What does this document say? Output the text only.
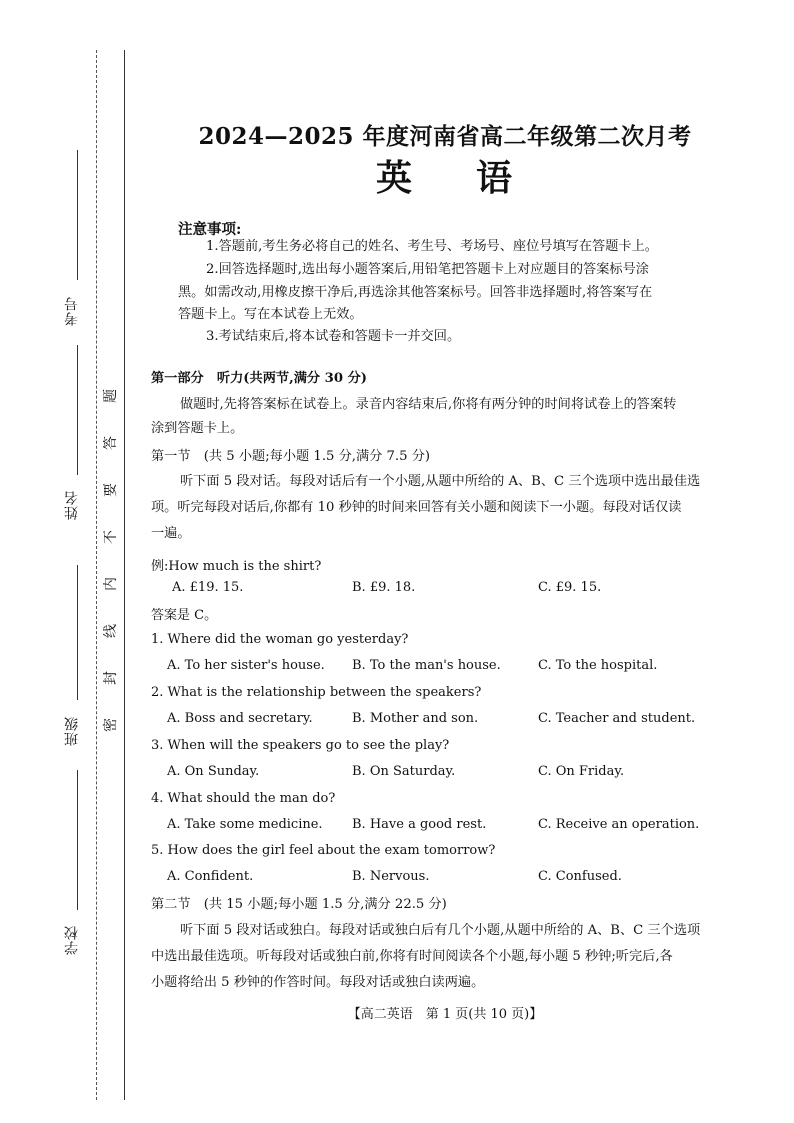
考号
姓名
班级
学校
题
答
要
不
内
线
封
密
2024—2025 年度河南省高二年级第二次月考
英 语
注意事项:
1.答题前,考生务必将自己的姓名、考生号、考场号、座位号填写在答题卡上。
2.回答选择题时,选出每小题答案后,用铅笔把答题卡上对应题目的答案标号涂
黑。如需改动,用橡皮擦干净后,再选涂其他答案标号。回答非选择题时,将答案写在
答题卡上。写在本试卷上无效。
3.考试结束后,将本试卷和答题卡一并交回。
第一部分　听力(共两节,满分 30 分)
做题时,先将答案标在试卷上。录音内容结束后,你将有两分钟的时间将试卷上的答案转
涂到答题卡上。
第一节　(共 5 小题;每小题 1.5 分,满分 7.5 分)
听下面 5 段对话。每段对话后有一个小题,从题中所给的 A、B、C 三个选项中选出最佳选
项。听完每段对话后,你都有 10 秒钟的时间来回答有关小题和阅读下一小题。每段对话仅读
一遍。
例:How much is the shirt?
A. £19. 15.	B. £9. 18.	C. £9. 15.
答案是 C。
1. Where did the woman go yesterday?
A. To her sister's house. B. To the man's house.	C. To the hospital.
2. What is the relationship between the speakers?
A. Boss and secretary.	B. Mother and son.	C. Teacher and student.
3. When will the speakers go to see the play?
A. On Sunday.	B. On Saturday.	C. On Friday.
4. What should the man do?
A. Take some medicine. B. Have a good rest.	C. Receive an operation.
5. How does the girl feel about the exam tomorrow?
A. Confident.	B. Nervous.	C. Confused.
第二节　(共 15 小题;每小题 1.5 分,满分 22.5 分)
听下面 5 段对话或独白。每段对话或独白后有几个小题,从题中所给的 A、B、C 三个选项
中选出最佳选项。听每段对话或独白前,你将有时间阅读各个小题,每小题 5 秒钟;听完后,各
小题将给出 5 秒钟的作答时间。每段对话或独白读两遍。
【高二英语　第 1 页(共 10 页)】
